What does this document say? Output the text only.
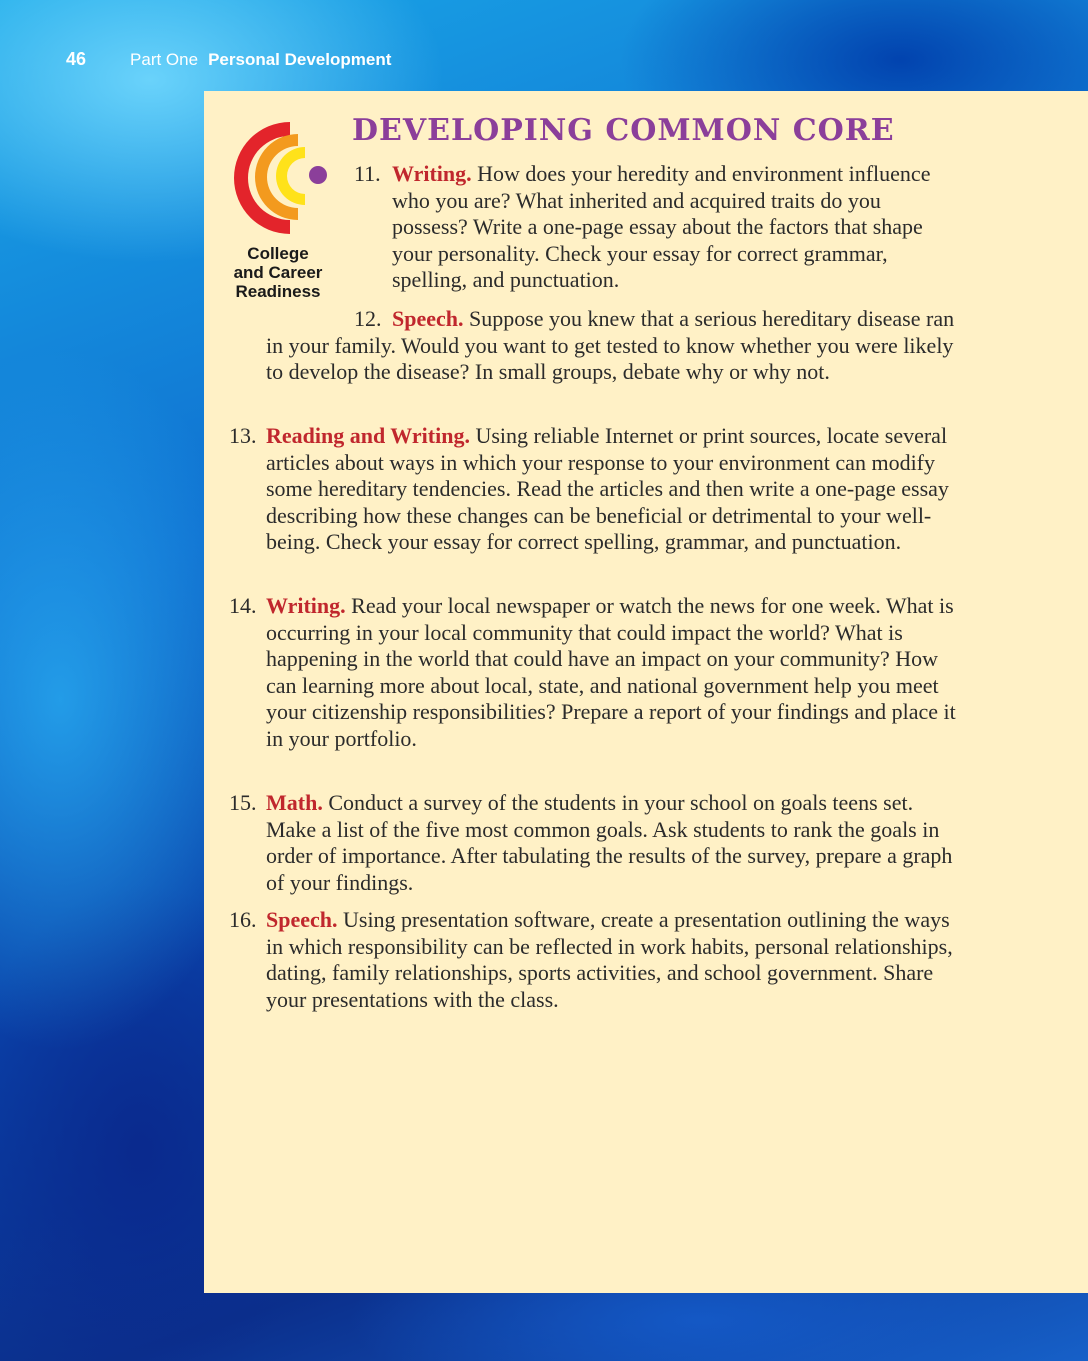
46	Part One Personal Development
College
and Career
Readiness
DEVELOPING COMMON CORE
11. Writing. How does your heredity and environment influence who you are? What inherited and acquired traits do you possess? Write a one-page essay about the factors that shape your personality. Check your essay for correct grammar, spelling, and punctuation.
12. Speech. Suppose you knew that a serious hereditary disease ran in your family. Would you want to get tested to know whether you were likely to develop the disease? In small groups, debate why or why not.
13. Reading and Writing. Using reliable Internet or print sources, locate several articles about ways in which your response to your environment can modify some hereditary tendencies. Read the articles and then write a one-page essay describing how these changes can be beneficial or detrimental to your well-being. Check your essay for correct spelling, grammar, and punctuation.
14. Writing. Read your local newspaper or watch the news for one week. What is occurring in your local community that could impact the world? What is happening in the world that could have an impact on your community? How can learning more about local, state, and national government help you meet your citizenship responsibilities? Prepare a report of your findings and place it in your portfolio.
15. Math. Conduct a survey of the students in your school on goals teens set. Make a list of the five most common goals. Ask students to rank the goals in order of importance. After tabulating the results of the survey, prepare a graph of your findings.
16. Speech. Using presentation software, create a presentation outlining the ways in which responsibility can be reflected in work habits, personal relationships, dating, family relationships, sports activities, and school government. Share your presentations with the class.
